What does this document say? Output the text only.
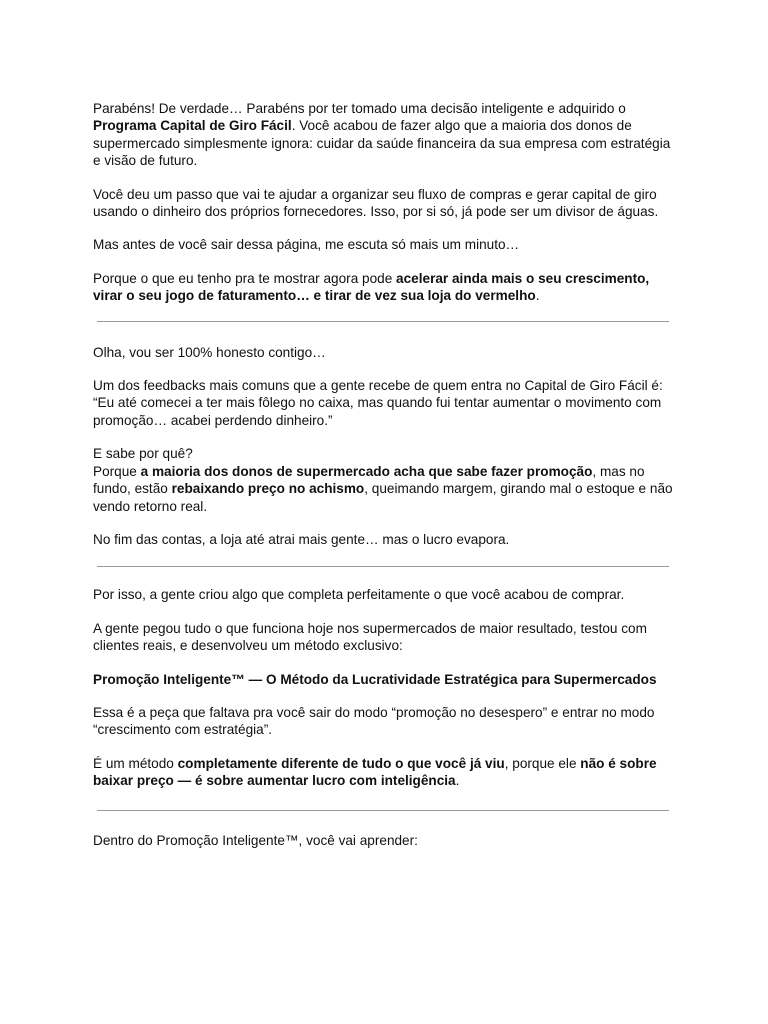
Parabéns! De verdade… Parabéns por ter tomado uma decisão inteligente e adquirido o Programa Capital de Giro Fácil. Você acabou de fazer algo que a maioria dos donos de supermercado simplesmente ignora: cuidar da saúde financeira da sua empresa com estratégia e visão de futuro.

Você deu um passo que vai te ajudar a organizar seu fluxo de compras e gerar capital de giro usando o dinheiro dos próprios fornecedores. Isso, por si só, já pode ser um divisor de águas.

Mas antes de você sair dessa página, me escuta só mais um minuto…

Porque o que eu tenho pra te mostrar agora pode acelerar ainda mais o seu crescimento, virar o seu jogo de faturamento… e tirar de vez sua loja do vermelho.

Olha, vou ser 100% honesto contigo…

Um dos feedbacks mais comuns que a gente recebe de quem entra no Capital de Giro Fácil é:
“Eu até comecei a ter mais fôlego no caixa, mas quando fui tentar aumentar o movimento com promoção… acabei perdendo dinheiro.”

E sabe por quê?
Porque a maioria dos donos de supermercado acha que sabe fazer promoção, mas no fundo, estão rebaixando preço no achismo, queimando margem, girando mal o estoque e não vendo retorno real.

No fim das contas, a loja até atrai mais gente… mas o lucro evapora.

Por isso, a gente criou algo que completa perfeitamente o que você acabou de comprar.

A gente pegou tudo o que funciona hoje nos supermercados de maior resultado, testou com clientes reais, e desenvolveu um método exclusivo:

Promoção Inteligente™ — O Método da Lucratividade Estratégica para Supermercados

Essa é a peça que faltava pra você sair do modo “promoção no desespero” e entrar no modo “crescimento com estratégia”.

É um método completamente diferente de tudo o que você já viu, porque ele não é sobre baixar preço — é sobre aumentar lucro com inteligência.

Dentro do Promoção Inteligente™, você vai aprender:
